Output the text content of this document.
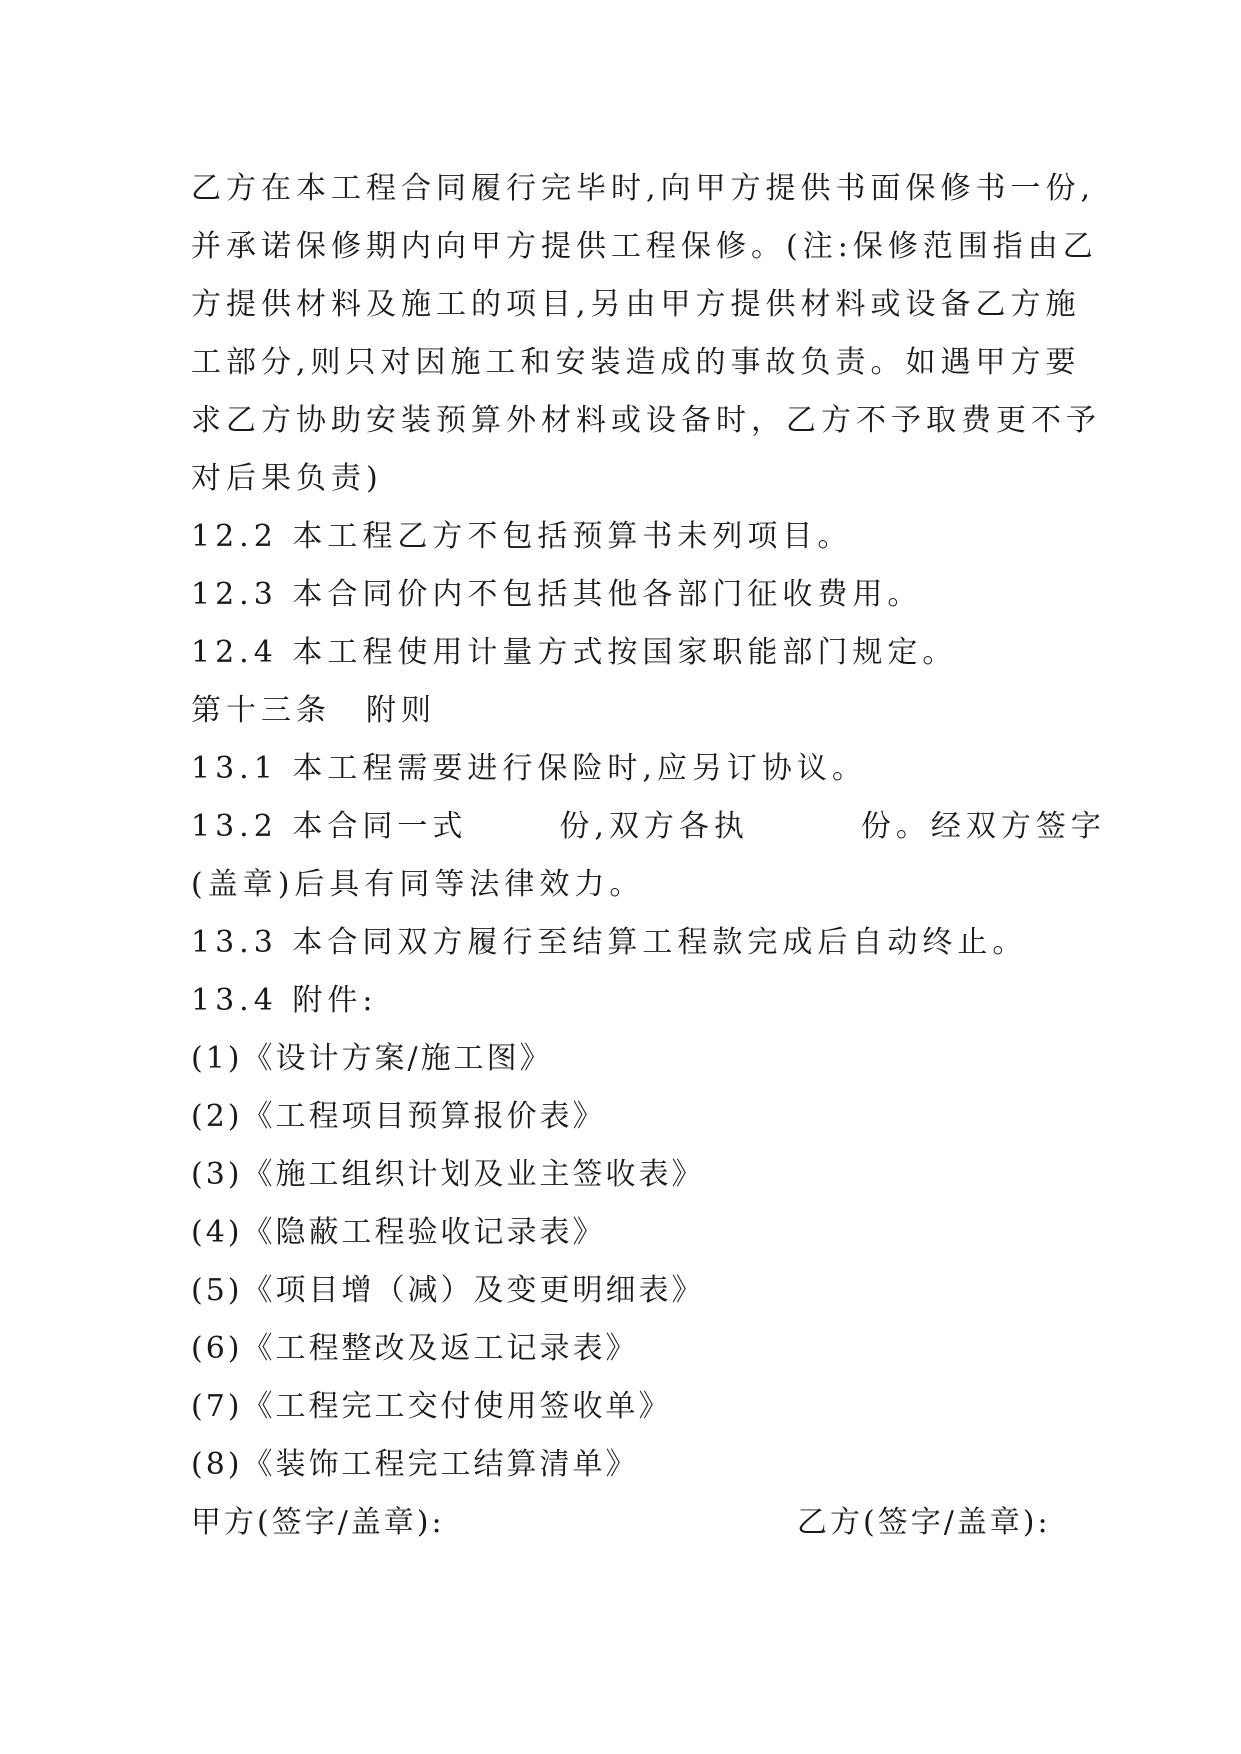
乙方在本工程合同履行完毕时,向甲方提供书面保修书一份,
并承诺保修期内向甲方提供工程保修。(注:保修范围指由乙
方提供材料及施工的项目,另由甲方提供材料或设备乙方施
工部分,则只对因施工和安装造成的事故负责。如遇甲方要
求乙方协助安装预算外材料或设备时，乙方不予取费更不予
对后果负责)
12.2 本工程乙方不包括预算书未列项目。
12.3 本合同价内不包括其他各部门征收费用。
12.4 本工程使用计量方式按国家职能部门规定。
第十三条　附则
13.1 本工程需要进行保险时,应另订协议。
13.2 本合同一式	份,双方各执	份。经双方签字
(盖章)后具有同等法律效力。
13.3 本合同双方履行至结算工程款完成后自动终止。
13.4 附件:
(1)《设计方案/施工图》
(2)《工程项目预算报价表》
(3)《施工组织计划及业主签收表》
(4)《隐蔽工程验收记录表》
(5)《项目增（减）及变更明细表》
(6)《工程整改及返工记录表》
(7)《工程完工交付使用签收单》
(8)《装饰工程完工结算清单》
甲方(签字/盖章):	乙方(签字/盖章):
